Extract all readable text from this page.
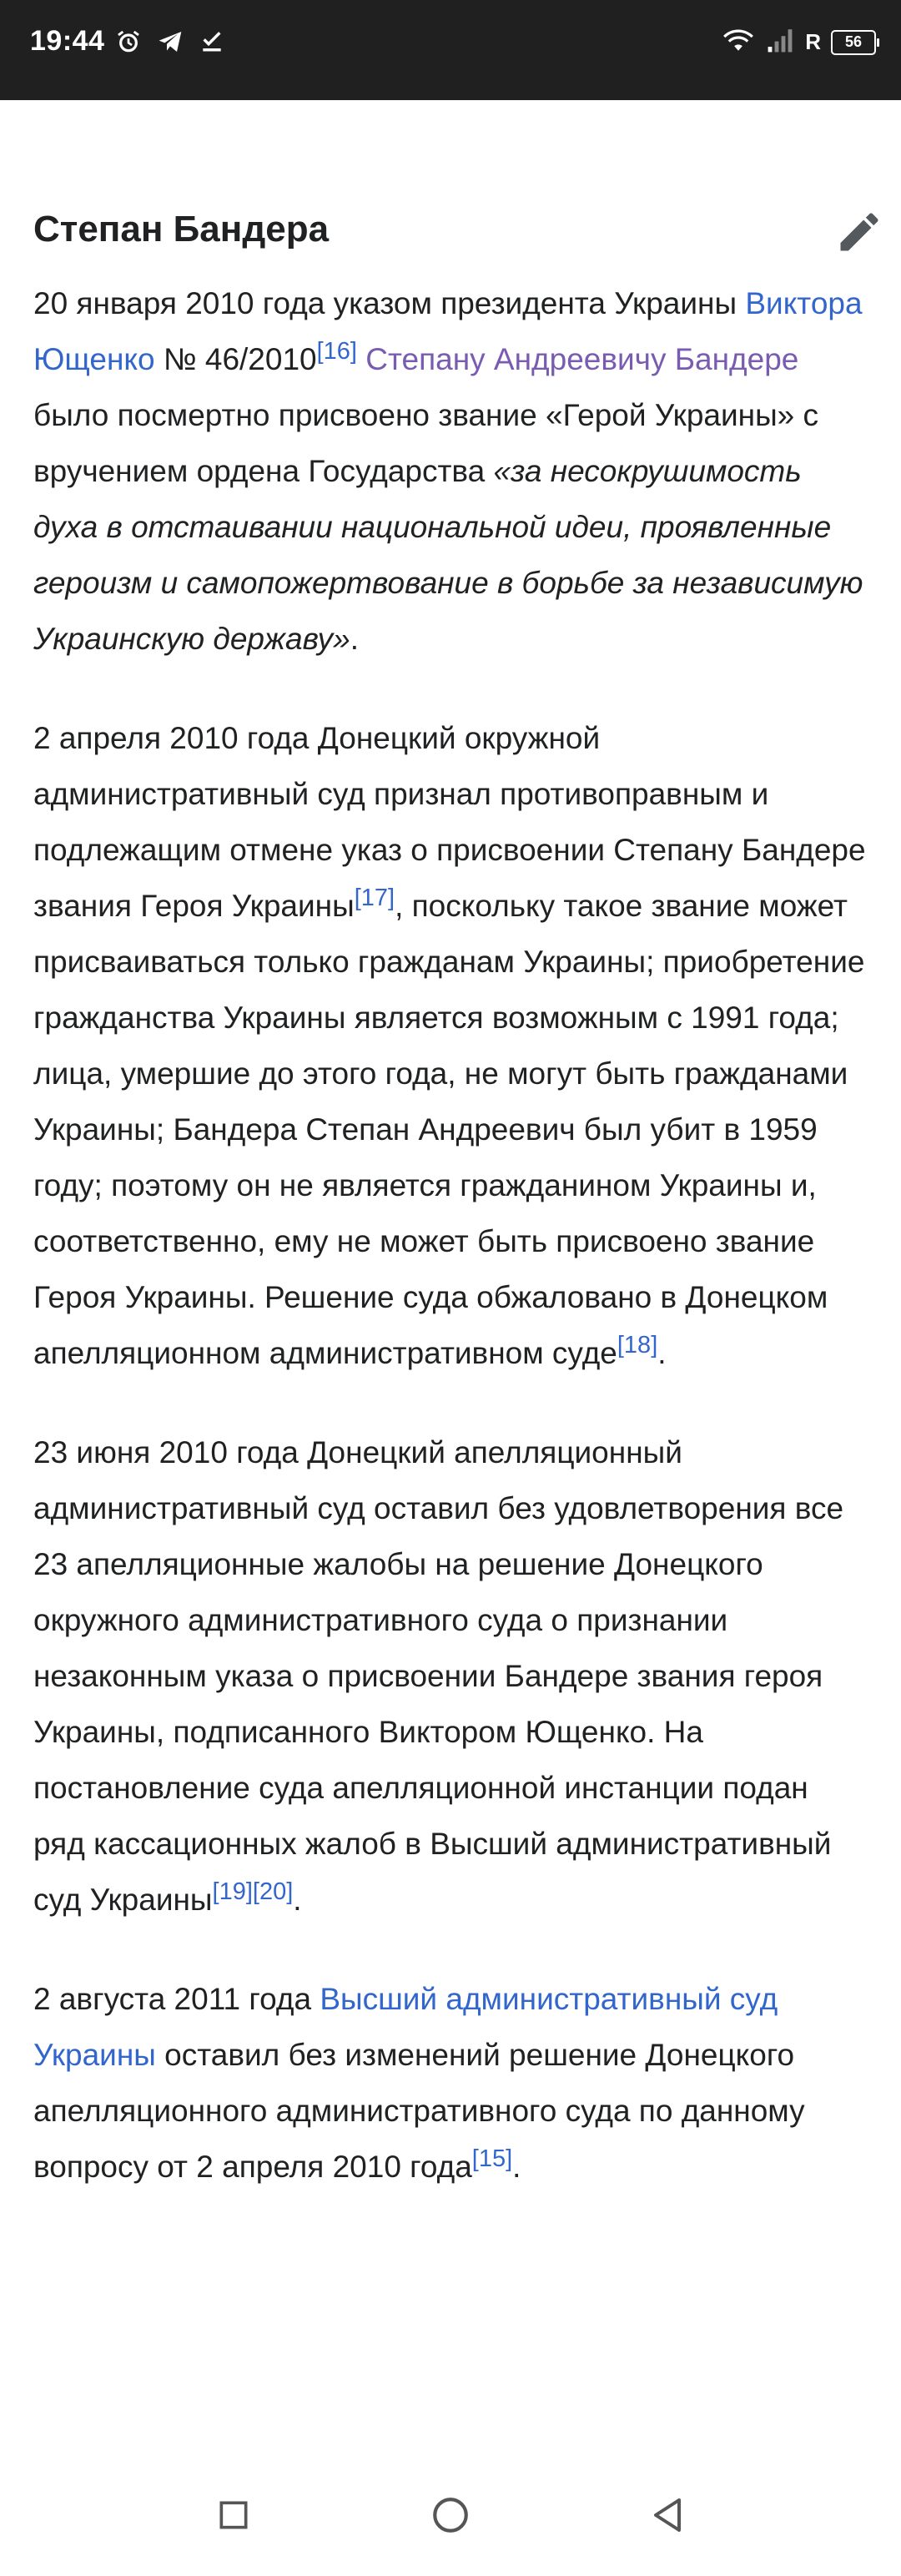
19:44	R 56
Степан Бандера

20 января 2010 года указом президента Украины Виктора Ющенко № 46/2010[16] Степану Андреевичу Бандере было посмертно присвоено звание «Герой Украины» с вручением ордена Государства «за несокрушимость духа в отстаивании национальной идеи, проявленные героизм и самопожертвование в борьбе за независимую Украинскую державу».

2 апреля 2010 года Донецкий окружной административный суд признал противоправным и подлежащим отмене указ о присвоении Степану Бандере звания Героя Украины[17], поскольку такое звание может присваиваться только гражданам Украины; приобретение гражданства Украины является возможным с 1991 года; лица, умершие до этого года, не могут быть гражданами Украины; Бандера Степан Андреевич был убит в 1959 году; поэтому он не является гражданином Украины и, соответственно, ему не может быть присвоено звание Героя Украины. Решение суда обжаловано в Донецком апелляционном административном суде[18].

23 июня 2010 года Донецкий апелляционный административный суд оставил без удовлетворения все 23 апелляционные жалобы на решение Донецкого окружного административного суда о признании незаконным указа о присвоении Бандере звания героя Украины, подписанного Виктором Ющенко. На постановление суда апелляционной инстанции подан ряд кассационных жалоб в Высший административный суд Украины[19][20].

2 августа 2011 года Высший административный суд Украины оставил без изменений решение Донецкого апелляционного административного суда по данному вопросу от 2 апреля 2010 года[15].
